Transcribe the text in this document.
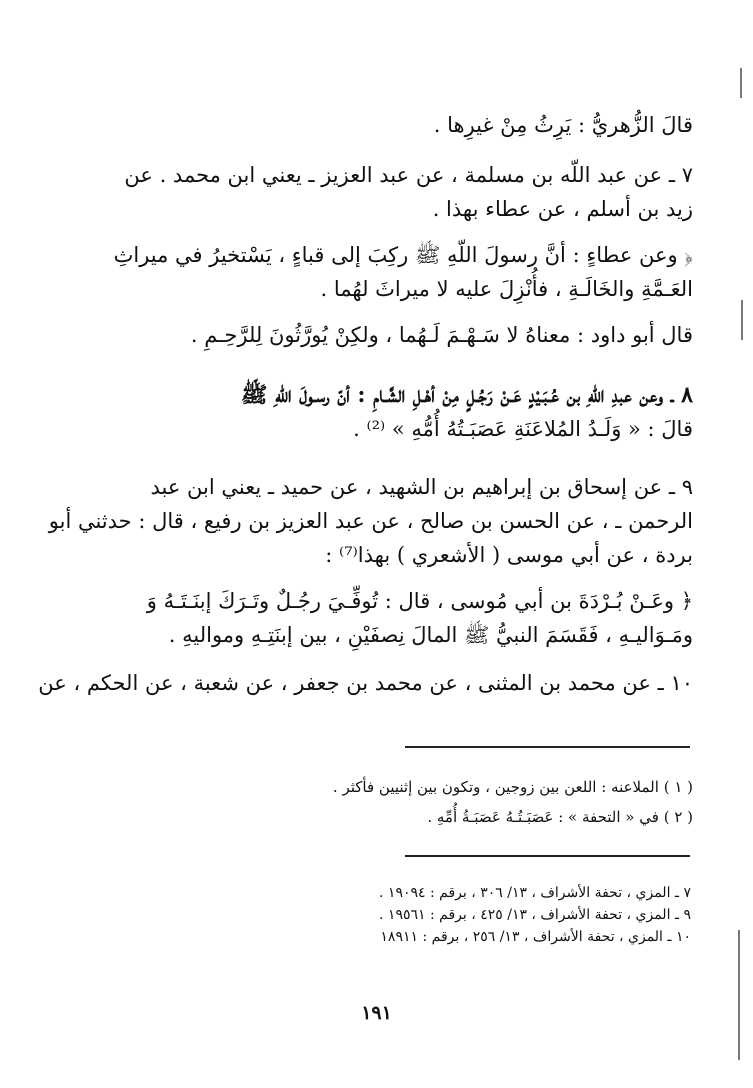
قالَ الزُّهريُّ : يَرِثُ مِنْ غيرِها .
٧ ـ عن عبد اللّه بن مسلمة ، عن عبد العزيز ـ يعني ابن محمد . عن
زيد بن أسلم ، عن عطاء بهذا .
﴿ وعن عطاءٍ : أنَّ رسولَ اللّهِ ﷺ ركِبَ إلى قباءٍ ، يَسْتخيرُ في ميراثِ
العَـمَّةِ والخَالَـةِ ، فأُنْزِلَ عليه لا ميراثَ لهُما .
قال أبو داود : معناهُ لا سَـهْـمَ لَـهُما ، ولكِنْ يُورَّثُونَ لِلرَّحِـمِ .
٨ ـ وعن عبدِ اللهِ بن عُـبَـيْدٍ عَـنْ رَجُـلٍ مِنْ أهْـلِ الشَّـامِ : أنّ رسـولَ اللهِ ﷺ
قالَ : « وَلَـدُ المُلاعَنَةِ عَصَبَـتُهُ أُمُّهِ » ⁽²⁾ .
٩ ـ عن إسحاق بن إبراهيم بن الشهيد ، عن حميد ـ يعني ابن عبد
الرحمن ـ ، عن الحسن بن صالح ، عن عبد العزيز بن رفيع ، قال : حدثني أبو
بردة ، عن أبي موسى ( الأشعري ) بهذا⁽⁷⁾ :
﴿ وعَـنْ بُـرْدَةَ بن أبي مُوسى ، قال : تُوفِّـيَ رجُـلٌ وتَـرَكَ إبنَـتَـهُ وَ
ومَـوَاليـهِ ، فَقَسَمَ النبيُّ ﷺ المالَ نِصفَيْنِ ، بين إبنَتِـهِ ومواليهِ .
١٠ ـ عن محمد بن المثنى ، عن محمد بن جعفر ، عن شعبة ، عن الحكم ، عن
( ١ ) الملاعنه : اللعن بين زوجين ، وتكون بين إثنيين فأكثر .
( ٢ ) في « التحفة » : عَصَبَـتُـهُ عَصَبَـةُ أُمِّهِ .
٧ ـ المزي ، تحفة الأشراف ، ١٣/ ٣٠٦ ، برقم : ١٩٠٩٤ .
٩ ـ المزي ، تحفة الأشراف ، ١٣/ ٤٢٥ ، برقم : ١٩٥٦١ .
١٠ ـ المزي ، تحفة الأشراف ، ١٣/ ٢٥٦ ، برقم : ١٨٩١١
١٩١
